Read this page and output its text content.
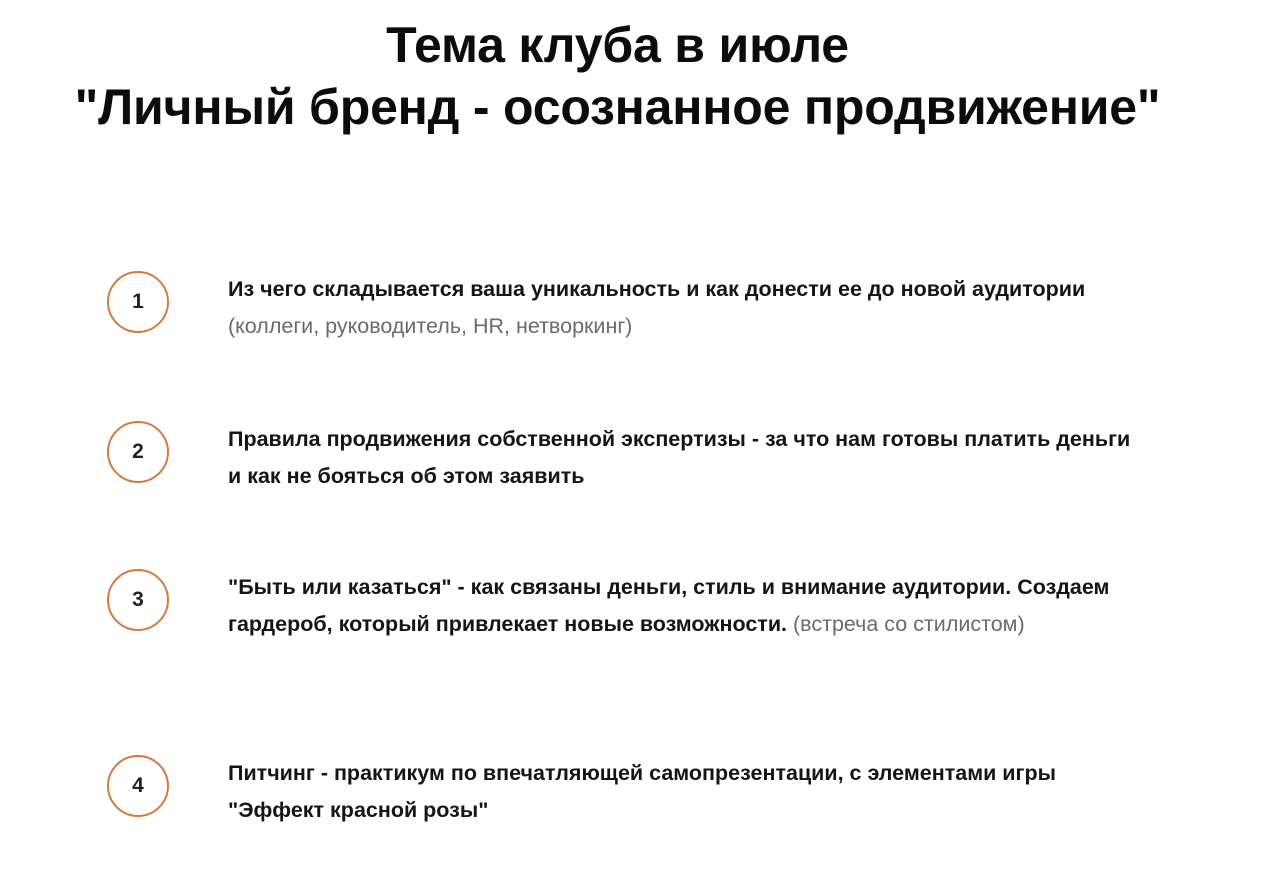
Тема клуба в июле
"Личный бренд - осознанное продвижение"
1
Из чего складывается ваша уникальность и как донести ее до новой аудитории (коллеги, руководитель, HR, нетворкинг)
2
Правила продвижения собственной экспертизы - за что нам готовы платить деньги и как не бояться об этом заявить
3
"Быть или казаться" - как связаны деньги, стиль и внимание аудитории. Создаем гардероб, который привлекает новые возможности. (встреча со стилистом)
4
Питчинг - практикум по впечатляющей самопрезентации, с элементами игры "Эффект красной розы"
